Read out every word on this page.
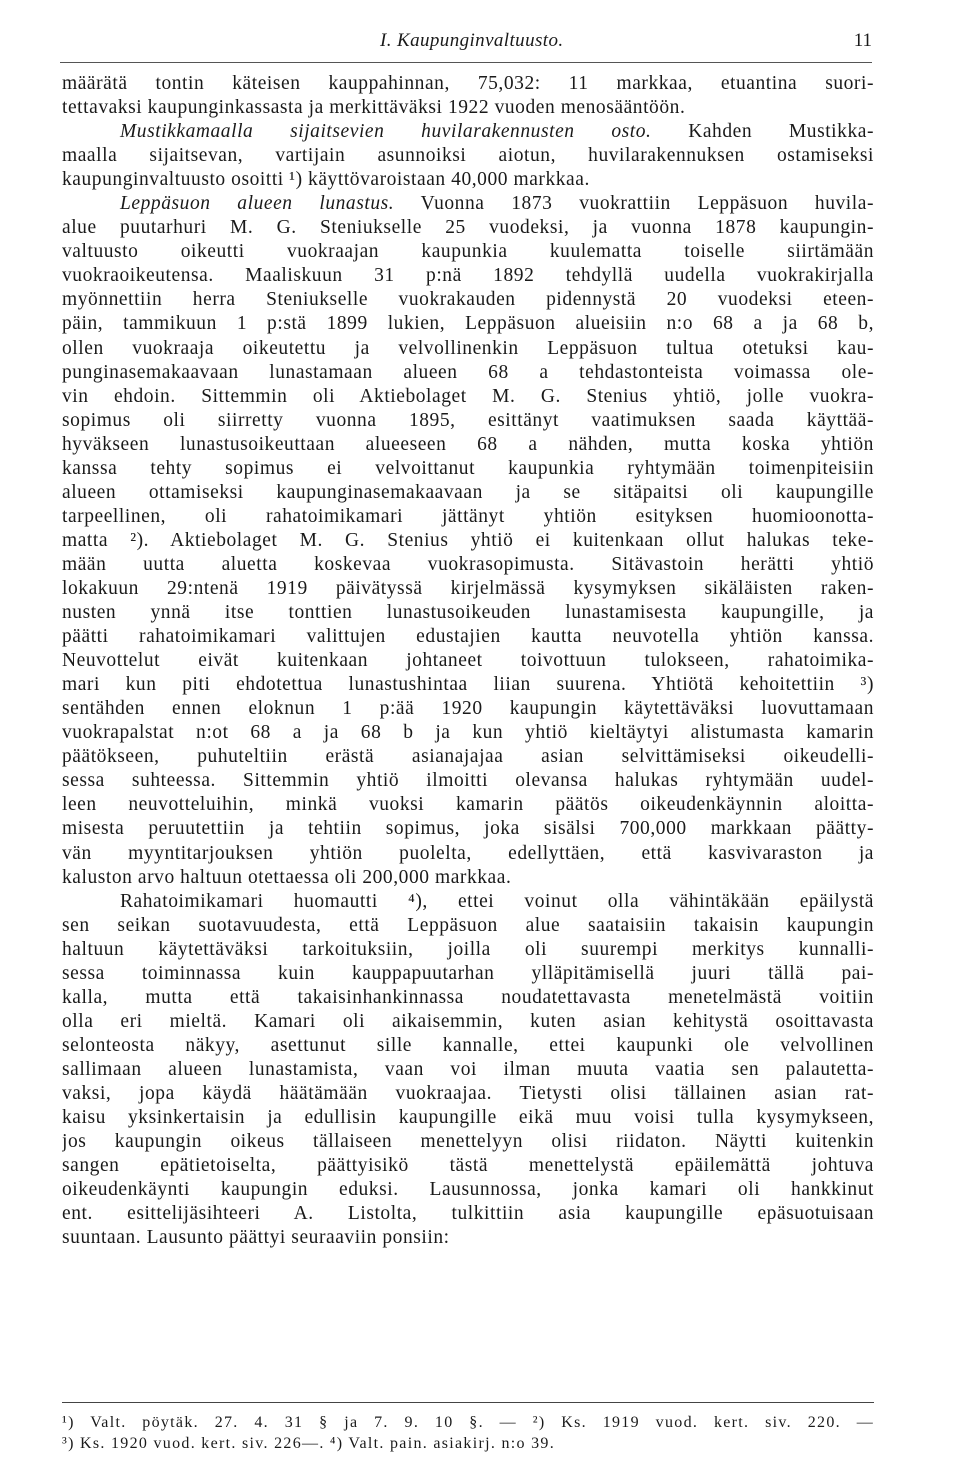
I. Kaupunginvaltuusto.	11
määrätä tontin käteisen kauppahinnan, 75,032: 11 markkaa, etuantina suori-
tettavaksi kaupunginkassasta ja merkittäväksi 1922 vuoden menosääntöön.
Mustikkamaalla sijaitsevien huvilarakennusten osto. Kahden Mustikka-
maalla sijaitsevan, vartijain asunnoiksi aiotun, huvilarakennuksen ostamiseksi
kaupunginvaltuusto osoitti ¹) käyttövaroistaan 40,000 markkaa.
Leppäsuon alueen lunastus. Vuonna 1873 vuokrattiin Leppäsuon huvila-
alue puutarhuri M. G. Steniukselle 25 vuodeksi, ja vuonna 1878 kaupungin-
valtuusto oikeutti vuokraajan kaupunkia kuulematta toiselle siirtämään
vuokraoikeutensa. Maaliskuun 31 p:nä 1892 tehdyllä uudella vuokrakirjalla
myönnettiin herra Steniukselle vuokrakauden pidennystä 20 vuodeksi eteen-
päin, tammikuun 1 p:stä 1899 lukien, Leppäsuon alueisiin n:o 68 a ja 68 b,
ollen vuokraaja oikeutettu ja velvollinenkin Leppäsuon tultua otetuksi kau-
punginasemakaavaan lunastamaan alueen 68 a tehdastonteista voimassa ole-
vin ehdoin. Sittemmin oli Aktiebolaget M. G. Stenius yhtiö, jolle vuokra-
sopimus oli siirretty vuonna 1895, esittänyt vaatimuksen saada käyttää-
hyväkseen lunastusoikeuttaan alueeseen 68 a nähden, mutta koska yhtiön
kanssa tehty sopimus ei velvoittanut kaupunkia ryhtymään toimenpiteisiin
alueen ottamiseksi kaupunginasemakaavaan ja se sitäpaitsi oli kaupungille
tarpeellinen, oli rahatoimikamari jättänyt yhtiön esityksen huomioonotta-
matta ²). Aktiebolaget M. G. Stenius yhtiö ei kuitenkaan ollut halukas teke-
mään uutta aluetta koskevaa vuokrasopimusta. Sitävastoin herätti yhtiö
lokakuun 29:ntenä 1919 päivätyssä kirjelmässä kysymyksen sikäläisten raken-
nusten ynnä itse tonttien lunastusoikeuden lunastamisesta kaupungille, ja
päätti rahatoimikamari valittujen edustajien kautta neuvotella yhtiön kanssa.
Neuvottelut eivät kuitenkaan johtaneet toivottuun tulokseen, rahatoimika-
mari kun piti ehdotettua lunastushintaa liian suurena. Yhtiötä kehoitettiin ³)
sentähden ennen eloknun 1 p:ää 1920 kaupungin käytettäväksi luovuttamaan
vuokrapalstat n:ot 68 a ja 68 b ja kun yhtiö kieltäytyi alistumasta kamarin
päätökseen, puhuteltiin erästä asianajajaa asian selvittämiseksi oikeudelli-
sessa suhteessa. Sittemmin yhtiö ilmoitti olevansa halukas ryhtymään uudel-
leen neuvotteluihin, minkä vuoksi kamarin päätös oikeudenkäynnin aloitta-
misesta peruutettiin ja tehtiin sopimus, joka sisälsi 700,000 markkaan päätty-
vän myyntitarjouksen yhtiön puolelta, edellyttäen, että kasvivaraston ja
kaluston arvo haltuun otettaessa oli 200,000 markkaa.
Rahatoimikamari huomautti ⁴), ettei voinut olla vähintäkään epäilystä
sen seikan suotavuudesta, että Leppäsuon alue saataisiin takaisin kaupungin
haltuun käytettäväksi tarkoituksiin, joilla oli suurempi merkitys kunnalli-
sessa toiminnassa kuin kauppapuutarhan ylläpitämisellä juuri tällä pai-
kalla, mutta että takaisinhankinnassa noudatettavasta menetelmästä voitiin
olla eri mieltä. Kamari oli aikaisemmin, kuten asian kehitystä osoittavasta
selonteosta näkyy, asettunut sille kannalle, ettei kaupunki ole velvollinen
sallimaan alueen lunastamista, vaan voi ilman muuta vaatia sen palautetta-
vaksi, jopa käydä häätämään vuokraajaa. Tietysti olisi tällainen asian rat-
kaisu yksinkertaisin ja edullisin kaupungille eikä muu voisi tulla kysymykseen,
jos kaupungin oikeus tällaiseen menettelyyn olisi riidaton. Näytti kuitenkin
sangen epätietoiselta, päättyisikö tästä menettelystä epäilemättä johtuva
oikeudenkäynti kaupungin eduksi. Lausunnossa, jonka kamari oli hankkinut
ent. esittelijäsihteeri A. Listolta, tulkittiin asia kaupungille epäsuotuisaan
suuntaan. Lausunto päättyi seuraaviin ponsiin:
¹) Valt. pöytäk. 27. 4. 31 § ja 7. 9. 10 §. — ²) Ks. 1919 vuod. kert. siv. 220. —
³) Ks. 1920 vuod. kert. siv. 226—. ⁴) Valt. pain. asiakirj. n:o 39.
